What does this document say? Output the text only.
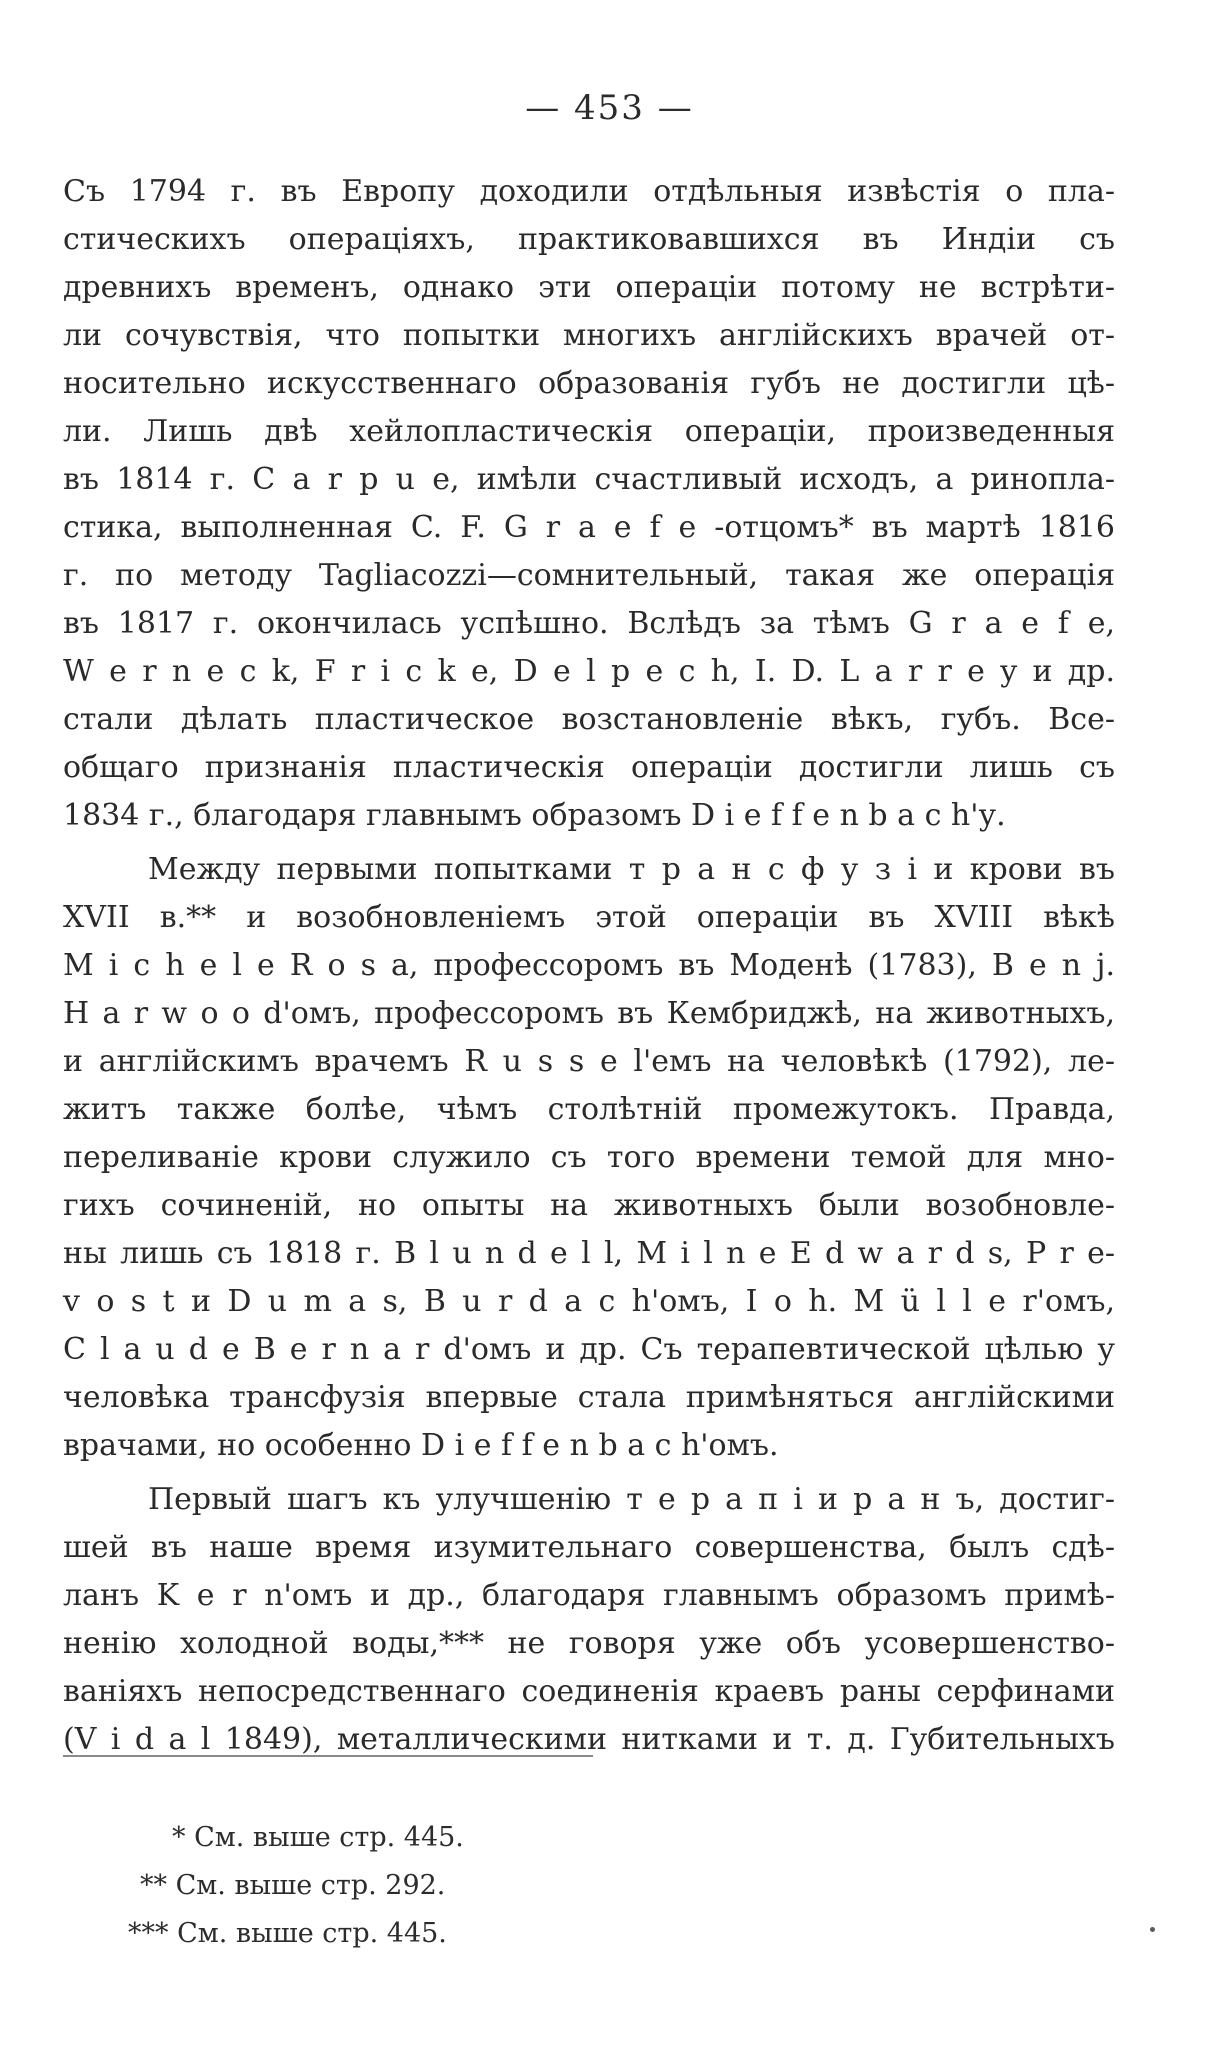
— 453 —
Съ 1794 г. въ Европу доходили отдѣльныя извѣстія о пла-
стическихъ операціяхъ, практиковавшихся въ Индіи съ
древнихъ временъ, однако эти операціи потому не встрѣти-
ли сочувствія, что попытки многихъ англійскихъ врачей от-
носительно искусственнаго образованія губъ не достигли цѣ-
ли. Лишь двѣ хейлопластическія операціи, произведенныя
въ 1814 г. C a r p u e, имѣли счастливый исходъ, а ринопла-
стика, выполненная C. F. G r a e f e -отцомъ* въ мартѣ 1816
г. по методу Tagliacozzi—сомнительный, такая же операція
въ 1817 г. окончилась успѣшно. Вслѣдъ за тѣмъ G r a e f e,
W e r n e c k, F r i c k e, D e l p e c h, I. D. L a r r e y и др.
стали дѣлать пластическое возстановленіе вѣкъ, губъ. Все-
общаго признанія пластическія операціи достигли лишь съ
1834 г., благодаря главнымъ образомъ D i e f f e n b a c h'у.
Между первыми попытками т р а н с ф у з і и крови въ
XVII в.** и возобновленіемъ этой операціи въ XVIII вѣкѣ
M i c h e l e R o s a, профессоромъ въ Моденѣ (1783), B e n j.
H a r w o o d'омъ, профессоромъ въ Кембриджѣ, на животныхъ,
и англійскимъ врачемъ R u s s e l'емъ на человѣкѣ (1792), ле-
житъ также болѣе, чѣмъ столѣтній промежутокъ. Правда,
переливаніе крови служило съ того времени темой для мно-
гихъ сочиненій, но опыты на животныхъ были возобновле-
ны лишь съ 1818 г. B l u n d e l l, M i l n e E d w a r d s, P r e-
v o s t и D u m a s, B u r d a c h'омъ, I o h. M ü l l e r'омъ,
C l a u d e B e r n a r d'омъ и др. Съ терапевтической цѣлью у
человѣка трансфузія впервые стала примѣняться англійскими
врачами, но особенно D i e f f e n b a c h'омъ.
Первый шагъ къ улучшенію т е р а п і и р а н ъ, достиг-
шей въ наше время изумительнаго совершенства, былъ сдѣ-
ланъ K e r n'омъ и др., благодаря главнымъ образомъ примѣ-
ненію холодной воды,*** не говоря уже объ усовершенство-
ваніяхъ непосредственнаго соединенія краевъ раны серфинами
(V i d a l 1849), металлическими нитками и т. д. Губительныхъ
* См. выше стр. 445.
** См. выше стр. 292.
*** См. выше стр. 445.
